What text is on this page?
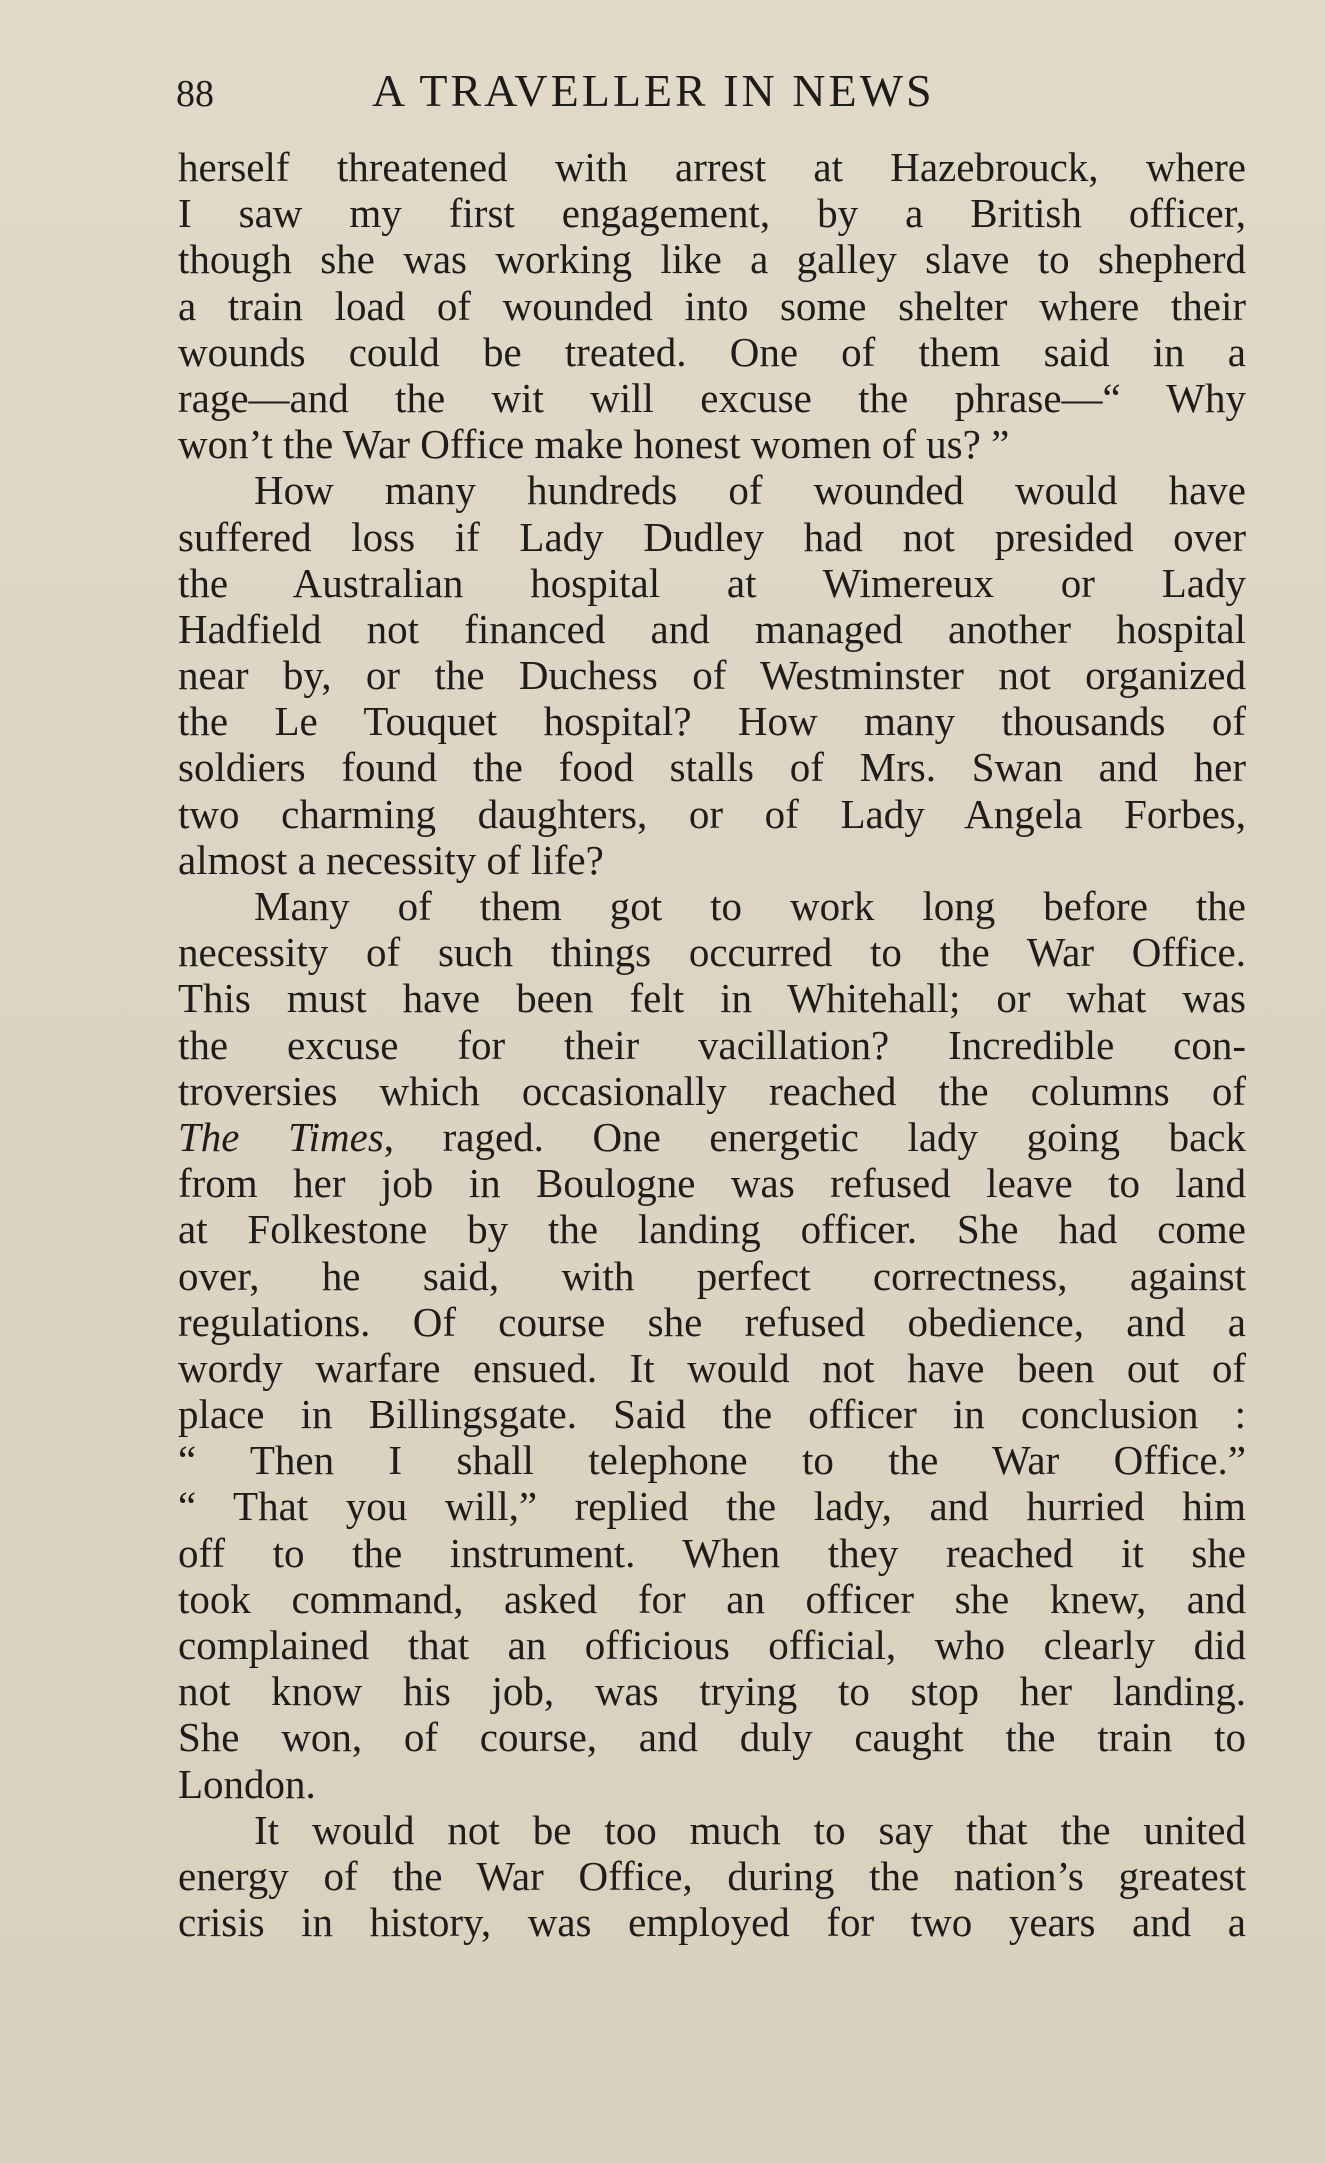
88	A TRAVELLER IN NEWS
herself threatened with arrest at Hazebrouck, where
I saw my first engagement, by a British officer,
though she was working like a galley slave to shepherd
a train load of wounded into some shelter where their
wounds could be treated. One of them said in a
rage—and the wit will excuse the phrase—“ Why
won’t the War Office make honest women of us? ”
How many hundreds of wounded would have
suffered loss if Lady Dudley had not presided over
the Australian hospital at Wimereux or Lady
Hadfield not financed and managed another hospital
near by, or the Duchess of Westminster not organized
the Le Touquet hospital? How many thousands of
soldiers found the food stalls of Mrs. Swan and her
two charming daughters, or of Lady Angela Forbes,
almost a necessity of life?
Many of them got to work long before the
necessity of such things occurred to the War Office.
This must have been felt in Whitehall; or what was
the excuse for their vacillation? Incredible con-
troversies which occasionally reached the columns of
The Times, raged. One energetic lady going back
from her job in Boulogne was refused leave to land
at Folkestone by the landing officer. She had come
over, he said, with perfect correctness, against
regulations. Of course she refused obedience, and a
wordy warfare ensued. It would not have been out of
place in Billingsgate. Said the officer in conclusion :
“ Then I shall telephone to the War Office.”
“ That you will,” replied the lady, and hurried him
off to the instrument. When they reached it she
took command, asked for an officer she knew, and
complained that an officious official, who clearly did
not know his job, was trying to stop her landing.
She won, of course, and duly caught the train to
London.
It would not be too much to say that the united
energy of the War Office, during the nation’s greatest
crisis in history, was employed for two years and a
